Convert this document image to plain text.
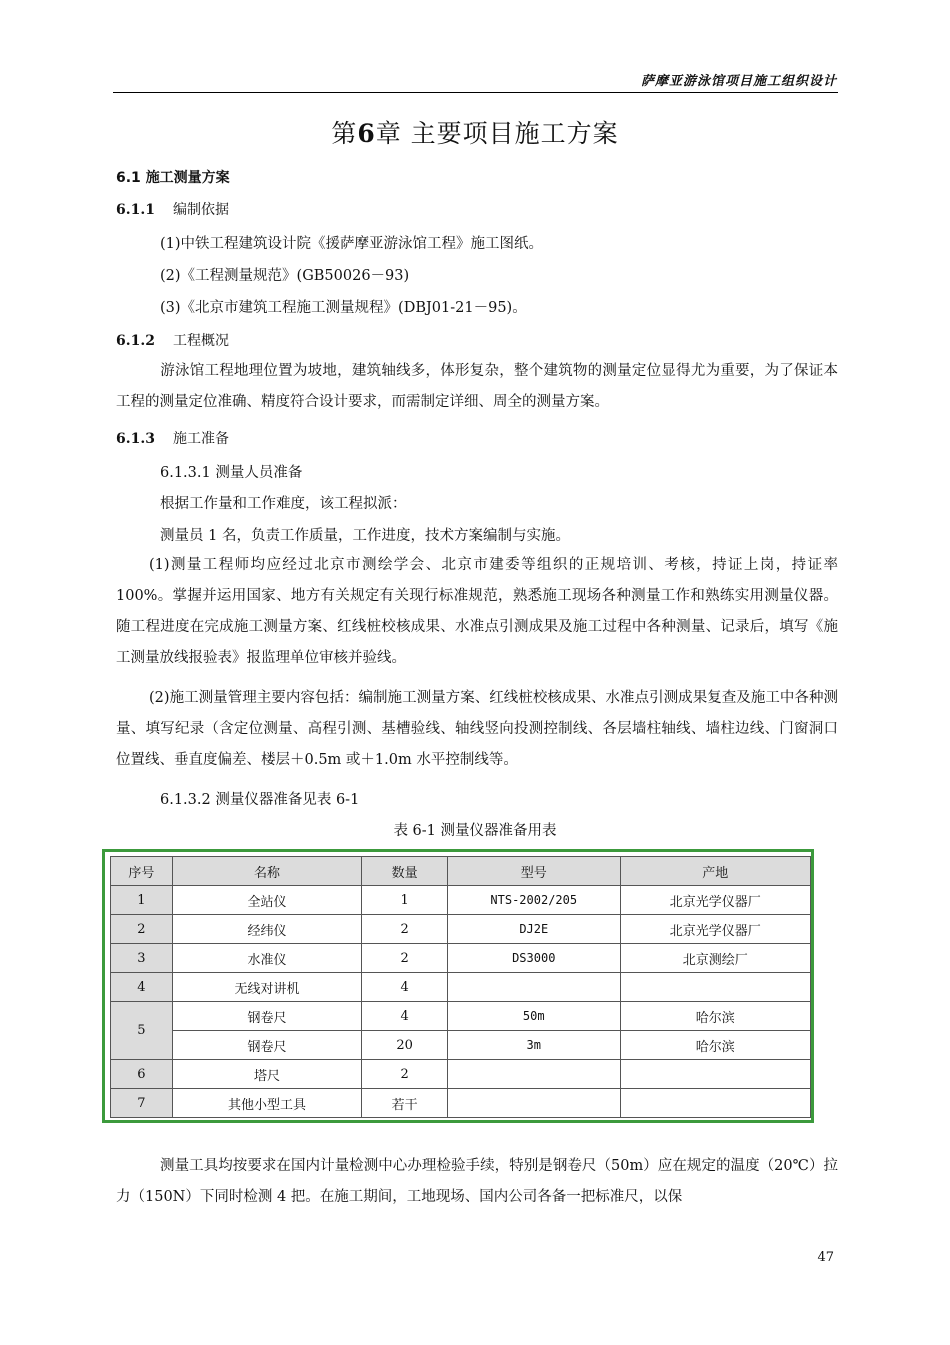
萨摩亚游泳馆项目施工组织设计
第6章 主要项目施工方案
6.1 施工测量方案
6.1.1 编制依据
(1)中铁工程建筑设计院《援萨摩亚游泳馆工程》施工图纸。
(2)《工程测量规范》(GB50026－93)
(3)《北京市建筑工程施工测量规程》(DBJ01-21－95)。
6.1.2 工程概况
游泳馆工程地理位置为坡地，建筑轴线多，体形复杂，整个建筑物的测量定位显得尤为重要，为了保证本工程的测量定位准确、精度符合设计要求，而需制定详细、周全的测量方案。
6.1.3 施工准备
6.1.3.1 测量人员准备
根据工作量和工作难度，该工程拟派：
测量员 1 名，负责工作质量，工作进度，技术方案编制与实施。
(1)测量工程师均应经过北京市测绘学会、北京市建委等组织的正规培训、考核，持证上岗，持证率 100%。掌握并运用国家、地方有关规定有关现行标准规范，熟悉施工现场各种测量工作和熟练实用测量仪器。随工程进度在完成施工测量方案、红线桩校核成果、水准点引测成果及施工过程中各种测量、记录后，填写《施工测量放线报验表》报监理单位审核并验线。
(2)施工测量管理主要内容包括：编制施工测量方案、红线桩校核成果、水准点引测成果复查及施工中各种测量、填写纪录（含定位测量、高程引测、基槽验线、轴线竖向投测控制线、各层墙柱轴线、墙柱边线、门窗洞口位置线、垂直度偏差、楼层＋0.5m 或＋1.0m 水平控制线等。
6.1.3.2 测量仪器准备见表 6-1
表 6-1 测量仪器准备用表
序号	名称	数量	型号	产地
1	全站仪	1	NTS-2002/205	北京光学仪器厂
2	经纬仪	2	DJ2E	北京光学仪器厂
3	水准仪	2	DS3000	北京测绘厂
4	无线对讲机	4		
5	钢卷尺	4	50m	哈尔滨
	钢卷尺	20	3m	哈尔滨
6	塔尺	2		
7	其他小型工具	若干		
测量工具均按要求在国内计量检测中心办理检验手续，特别是钢卷尺（50m）应在规定的温度（20℃）拉力（150N）下同时检测 4 把。在施工期间，工地现场、国内公司各备一把标准尺，以保
47
